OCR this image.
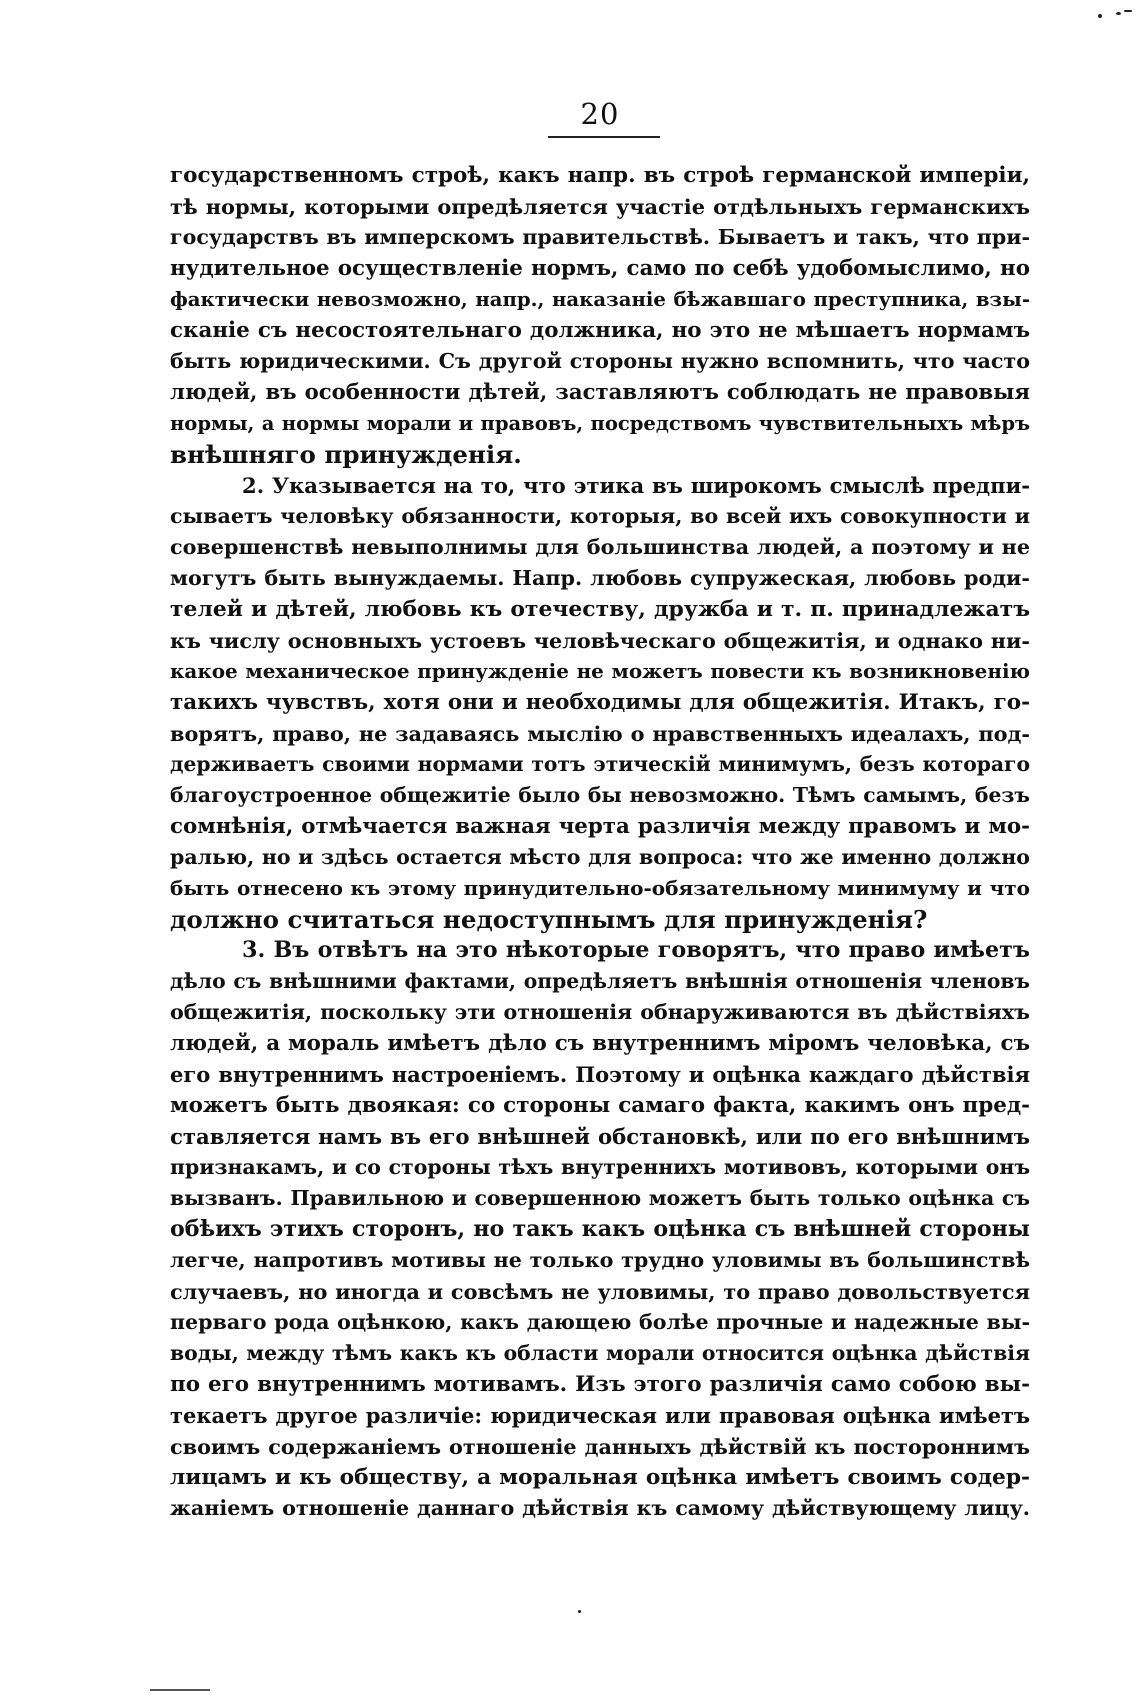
20
государственномъ строѣ, какъ напр. въ строѣ германской имперіи,
тѣ нормы, которыми опредѣляется участіе отдѣльныхъ германскихъ
государствъ въ имперскомъ правительствѣ. Бываетъ и такъ, что при-
нудительное осуществленіе нормъ, само по себѣ удобомыслимо, но
фактически невозможно, напр., наказаніе бѣжавшаго преступника, взы-
сканіе съ несостоятельнаго должника, но это не мѣшаетъ нормамъ
быть юридическими. Съ другой стороны нужно вспомнить, что часто
людей, въ особенности дѣтей, заставляютъ соблюдать не правовыя
нормы, а нормы морали и правовъ, посредствомъ чувствительныхъ мѣръ
внѣшняго принужденія.
2. Указывается на то, что этика въ широкомъ смыслѣ предпи-
сываетъ человѣку обязанности, которыя, во всей ихъ совокупности и
совершенствѣ невыполнимы для большинства людей, а поэтому и не
могутъ быть вынуждаемы. Напр. любовь супружеская, любовь роди-
телей и дѣтей, любовь къ отечеству, дружба и т. п. принадлежатъ
къ числу основныхъ устоевъ человѣческаго общежитія, и однако ни-
какое механическое принужденіе не можетъ повести къ возникновенію
такихъ чувствъ, хотя они и необходимы для общежитія. Итакъ, го-
ворятъ, право, не задаваясь мыслію о нравственныхъ идеалахъ, под-
держиваетъ своими нормами тотъ этическій минимумъ, безъ котораго
благоустроенное общежитіе было бы невозможно. Тѣмъ самымъ, безъ
сомнѣнія, отмѣчается важная черта различія между правомъ и мо-
ралью, но и здѣсь остается мѣсто для вопроса: что же именно должно
быть отнесено къ этому принудительно-обязательному минимуму и что
должно считаться недоступнымъ для принужденія?
3. Въ отвѣтъ на это нѣкоторые говорятъ, что право имѣетъ
дѣло съ внѣшними фактами, опредѣляетъ внѣшнія отношенія членовъ
общежитія, поскольку эти отношенія обнаруживаются въ дѣйствіяхъ
людей, а мораль имѣетъ дѣло съ внутреннимъ міромъ человѣка, съ
его внутреннимъ настроеніемъ. Поэтому и оцѣнка каждаго дѣйствія
можетъ быть двоякая: со стороны самаго факта, какимъ онъ пред-
ставляется намъ въ его внѣшней обстановкѣ, или по его внѣшнимъ
признакамъ, и со стороны тѣхъ внутреннихъ мотивовъ, которыми онъ
вызванъ. Правильною и совершенною можетъ быть только оцѣнка съ
обѣихъ этихъ сторонъ, но такъ какъ оцѣнка съ внѣшней стороны
легче, напротивъ мотивы не только трудно уловимы въ большинствѣ
случаевъ, но иногда и совсѣмъ не уловимы, то право довольствуется
перваго рода оцѣнкою, какъ дающею болѣе прочные и надежные вы-
воды, между тѣмъ какъ къ области морали относится оцѣнка дѣйствія
по его внутреннимъ мотивамъ. Изъ этого различія само собою вы-
текаетъ другое различіе: юридическая или правовая оцѣнка имѣетъ
своимъ содержаніемъ отношеніе данныхъ дѣйствій къ постороннимъ
лицамъ и къ обществу, а моральная оцѣнка имѣетъ своимъ содер-
жаніемъ отношеніе даннаго дѣйствія къ самому дѣйствующему лицу.
